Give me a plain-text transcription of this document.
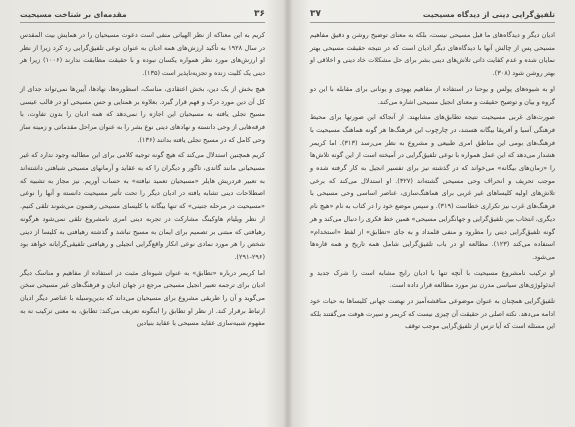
۳۶
مقدمه‌ای بر شناخت مسیحیت

کریم به این معناکه از نظر الهیاتی منفی است دعوت مسیحیان را در همایش بیت المقدس در سال ۱۹۲۸ به تأکید ارزش‌های همه ادیان به عنوان نوعی تلفیق‌گرایی رد کرد زیرا از نظر او ارزش‌های مورد نظر همواره یکسان نبوده و با حقیقت مطابقت ندارند (۱۰۰۶) زیرا هر دینی یک کلیت زنده و تجزیه‌ناپذیر است (۱۳۵).

هیچ بخش از یک دین، بخش اعتقادی، مناسک، اسطوره‌ها، نهادها، آیین‌ها نمی‌تواند جدای از کل آن دین مورد درک و فهم قرار گیرد. بعلاوه بر همتایی و حس مسیحی او در قالب عیسی مسیح تجلی یافته به مسیحیان این اجازه را نمی‌دهد که همه ادیان را بدون تفاوت، با فرقه‌هایی از وحی دانسته و نهادهای دینی نوع بشر را به عنوان مراحل مقدماتی و زمینه ساز وحی کامل که در مسیح تجلی یافته بدانند (۱۳۶).

کریم همچنین استدلال می‌کند که هیچ گونه توجیه کلامی برای این مطالبه وجود ندارد که غیر مسیحیانی مانند گاندی، تاگور و دیگران را که به عقاید و آرمانهای مسیحی شباهتی داشته‌اند به تعبیر فردریش هایلر «مسیحیان تعمید نیافته» به حساب آوریم. نیز مجاز به تشبیه که اصطلاحات دینی تشابه یافته در ادیان دیگر را تحت تأثیر مسیحیت دانسته و آنها را نوعی «مسیحیت در مرحله جنینی» که تنها بیگانه با کلیسای مسیحی رهنمون می‌شوند تلقی کنیم. از نظر ویلیام هاوکینگ مشارکت در تجربه دینی امری نامشروع تلقی نمی‌شود هرگونه رهیافتی که مبتنی بر تصمیم برای ایمان به مسیح نباشد و گذشته رهیافتی به کلیسا از دینی شخص را هر مورد نمادی نوعی انکار واقع‌گرایی انجیلی و رهیافتی تلفیقی‌گرایانه خواهد بود (۲۹۶-۲۹۱).

اما کریمر درباره «تطابق» به عنوان شیوه‌ای مثبت در استفاده از مفاهیم و مناسک دیگر ادیان برای ترجمه تعبیر انجیل مسیحی مرجع در جهان ادیان و فرهنگ‌های غیر مسیحی سخن می‌گوید و آن را طریقی مشروع برای مسیحیان می‌داند که بدین‌وسیله با عناصر دیگر ادیان ارتباط برقرار کند. از نظر او تطابق را اینگونه تعریف می‌کند: تطابق، به معنی ترکیب نه به مفهوم شبیه‌سازی عقاید مسیحی با عقاید بنیادین

تلفیق‌گرایی دینی از دیدگاه مسیحیت
۳۷

ادیان دیگر و دیدگاه‌های ما قبل مسیحی نیست، بلکه به معنای توضیح روشن و دقیق مفاهیم مسیحی پس از چالش آنها با دیدگاه‌های دیگر ادیان است که در نتیجه حقیقت مسیحی بهتر نمایان شده و عدم کفایت ذاتی تلاش‌های دینی بشر برای حل مشکلات خاد دینی و اخلاقی او بهتر روشن شود (۳۰۸).

او به شیوه‌های پولس و یوحنا در استفاده از مفاهیم یهودی و یونانی برای مقابله با این دو گروه و بیان و توضیح حقیقت و معنای انجیل مسیحی اشاره می‌کند.

صورت‌های غربی مسیحیت نتیجه تطابق‌های مشابهند. از آنجاکه این صورتها برای محیط فرهنگی آسیا و آفریقا بیگانه هستند، در چارچوب این فرهنگ‌ها هر گونه هماهنگ مسیحیت با فرهنگ‌های بومی این مناطق امری طبیعی و مشروع به نظر می‌رسد (۳۱۳). اما کریمر هشدار می‌دهد که این عمل همواره با نوعی تلفیق‌گرایی در آمیخته است از این گونه تلاش‌ها را «زمان‌های بیگانه» می‌خواند که در گذشته نیز برای تفسیر انجیل به کار گرفته شده و موجب تحریف و انحراف وحی مسیحی گشته‌اند (۳۲۷). او استدلال می‌کند که برخی تلاش‌های اولیه کلیساهای غیر غربی برای هماهنگ‌سازی، عناصر اساسی وحی مسیحی با فرهنگ‌های غرب نیز تکراری خطاست (۳۱۹). و سپس موضع خود را در کتاب به نام «هیچ نام دیگری، انتخاب بین تلفیق‌گرایی و جهانگرایی مسیحی» همین خط فکری را دنبال می‌کند و هر گونه تلفیق‌گرایی دینی را مطرود و منفی قلمداد و به جای «تطابق» از لفظ «استخدام» استفاده می‌کند (۱۲۳). مطالعه او در باب تلفیق‌گرایی شامل همه تاریخ و همه قاره‌ها می‌شود.

او ترکیب نامشروع مسیحیت با آنچه تنها با ادیان رایج مشابه است را شرک جدید و ایدئولوژی‌های سیاسی مدرن نیز مورد مطالعه قرار داده است.

تلفیق‌گرایی همچنان به عنوان موضوعی مناقشه‌آمیز در نهضت جهانی کلیساها به حیات خود ادامه می‌دهد. نکته اصلی در حقیقت آن چیزی نیست که کریمر و سیرت هوفت می‌گفتند بلکه این مسئله است که آیا ترس از تلفیق‌گرایی موجب توقف
